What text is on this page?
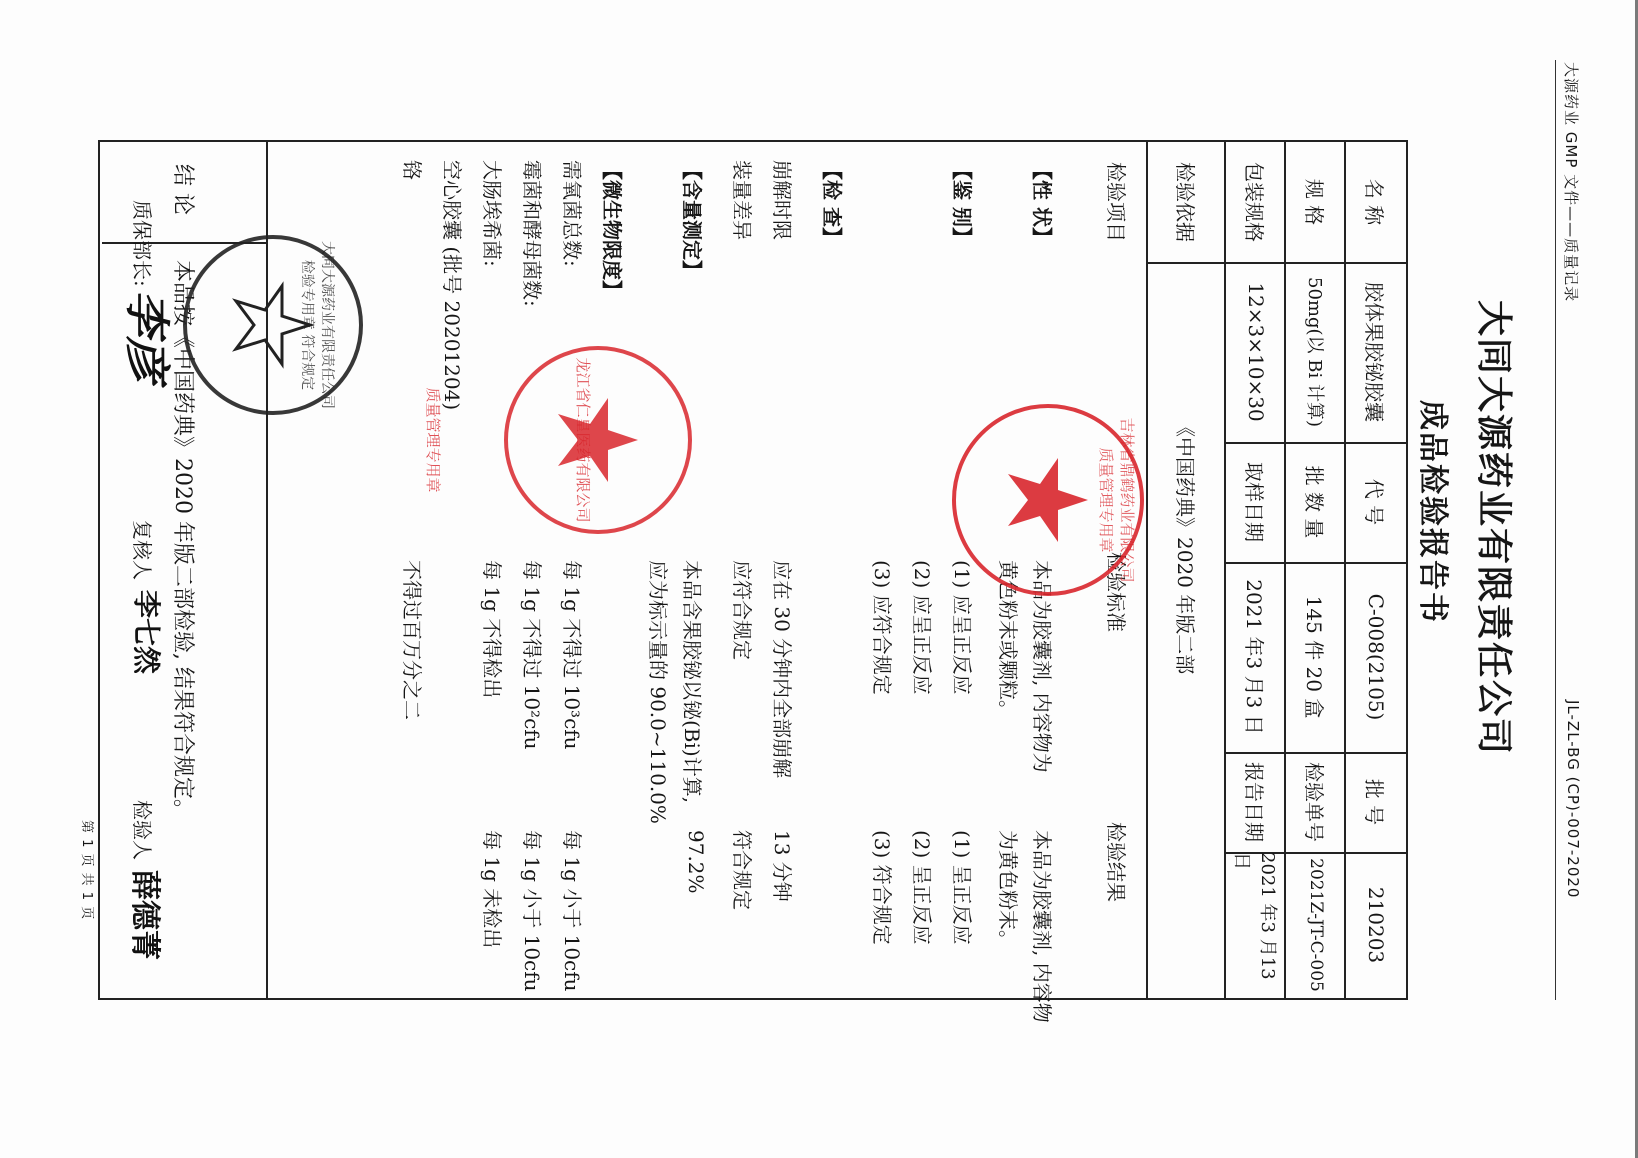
大源药业 GMP 文件——质量记录
JL-ZL-BG (CP)-007-2020
大同大源药业有限责任公司
成品检验报告书
名 称
胶体果胶铋胶囊
代 号
C-008(2105)
批 号
210203
规 格
50mg(以 Bi 计算)
批 数 量
145 件 20 盒
检验单号
2021Z-JT-C-005
包装规格
12×3×10×30
取样日期
2021 年3 月3 日
报告日期
2021 年3 月13 日
检验依据
《中国药典》2020 年版二部
检验项目
检验标准
检验结果
结 论
本品按《中国药典》2020 年版二部检验, 结果符合规定。
【性 状】
本品为胶囊剂, 内容物为
黄色粉末或颗粒。
本品为胶囊剂, 内容物
为黄色粉末。
【鉴 别】
(1) 应呈正反应
(1) 呈正反应
(2) 应呈正反应
(2) 呈正反应
(3) 应符合规定
(3) 符合规定
【检 查】
崩解时限
应在 30 分钟内全部崩解
13 分钟
装量差异
应符合规定
符合规定
【含量测定】
本品含果胶铋以铋(Bi)计算,
应为标示量的 90.0~110.0%
97.2%
【微生物限度】
需氧菌总数:
每 1g 不得过 10³cfu
每 1g 小于 10cfu
霉菌和酵母菌数:
每 1g 不得过 10²cfu
每 1g 小于 10cfu
大肠埃希菌:
每 1g 不得检出
每 1g 未检出
空心胶囊 (批号 20201204)
铬
不得过百万分之二
质保部长:
李彦
复核人
李七然
检验人
薛德菁
第 1 页 共 1 页
龙江省仁皇医药有限公司 质量管理专用章	吉林省鼎鹤药业有限公司 质量管理专用章
大同大源药业有限责任公司 检验专用章 符合规定
